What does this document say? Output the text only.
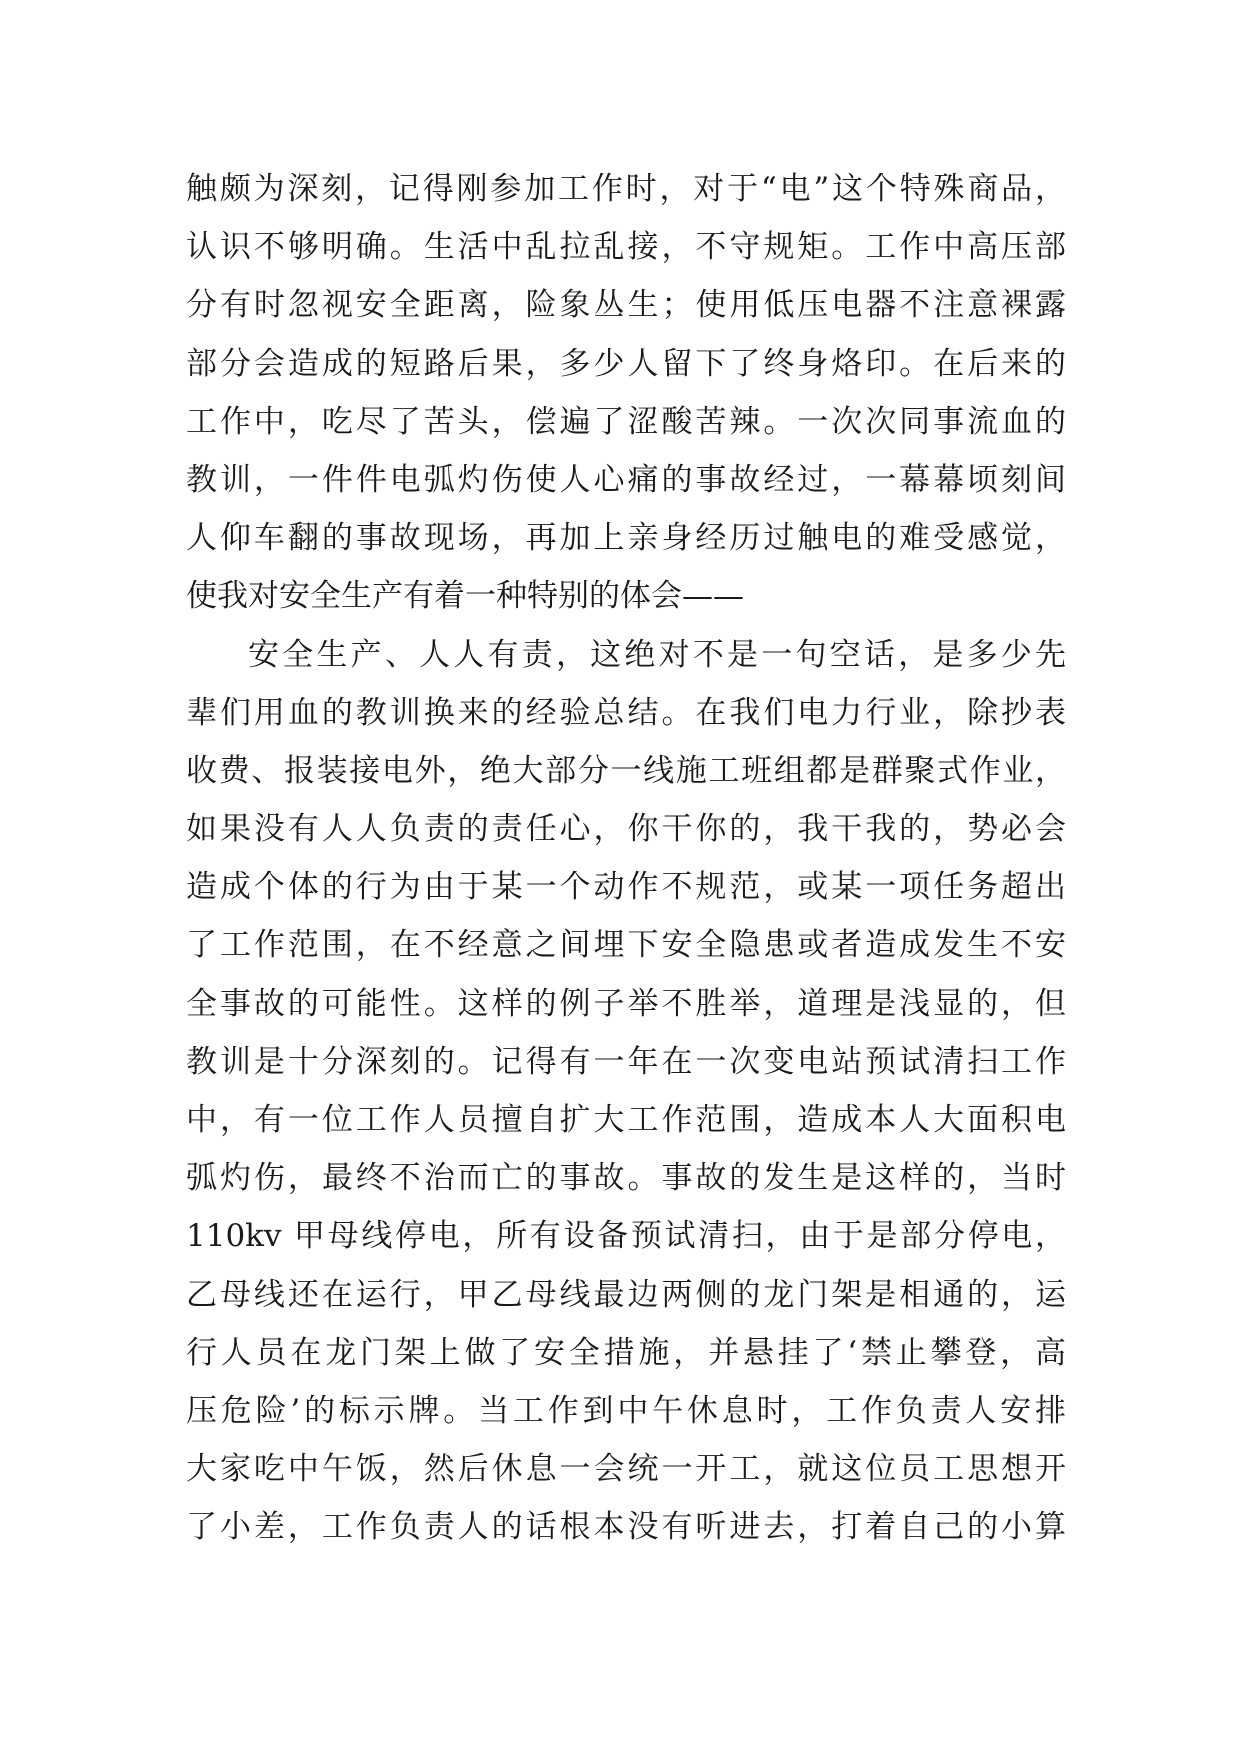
触颇为深刻，记得刚参加工作时，对于“电”这个特殊商品，
认识不够明确。生活中乱拉乱接，不守规矩。工作中高压部
分有时忽视安全距离，险象丛生；使用低压电器不注意裸露
部分会造成的短路后果，多少人留下了终身烙印。在后来的
工作中，吃尽了苦头，偿遍了涩酸苦辣。一次次同事流血的
教训，一件件电弧灼伤使人心痛的事故经过，一幕幕顷刻间
人仰车翻的事故现场，再加上亲身经历过触电的难受感觉，
使我对安全生产有着一种特别的体会——
安全生产、人人有责，这绝对不是一句空话，是多少先
辈们用血的教训换来的经验总结。在我们电力行业，除抄表
收费、报装接电外，绝大部分一线施工班组都是群聚式作业，
如果没有人人负责的责任心，你干你的，我干我的，势必会
造成个体的行为由于某一个动作不规范，或某一项任务超出
了工作范围，在不经意之间埋下安全隐患或者造成发生不安
全事故的可能性。这样的例子举不胜举，道理是浅显的，但
教训是十分深刻的。记得有一年在一次变电站预试清扫工作
中，有一位工作人员擅自扩大工作范围，造成本人大面积电
弧灼伤，最终不治而亡的事故。事故的发生是这样的，当时
110kv 甲母线停电，所有设备预试清扫，由于是部分停电，
乙母线还在运行，甲乙母线最边两侧的龙门架是相通的，运
行人员在龙门架上做了安全措施，并悬挂了‘禁止攀登，高
压危险’的标示牌。当工作到中午休息时，工作负责人安排
大家吃中午饭，然后休息一会统一开工，就这位员工思想开
了小差，工作负责人的话根本没有听进去，打着自己的小算
